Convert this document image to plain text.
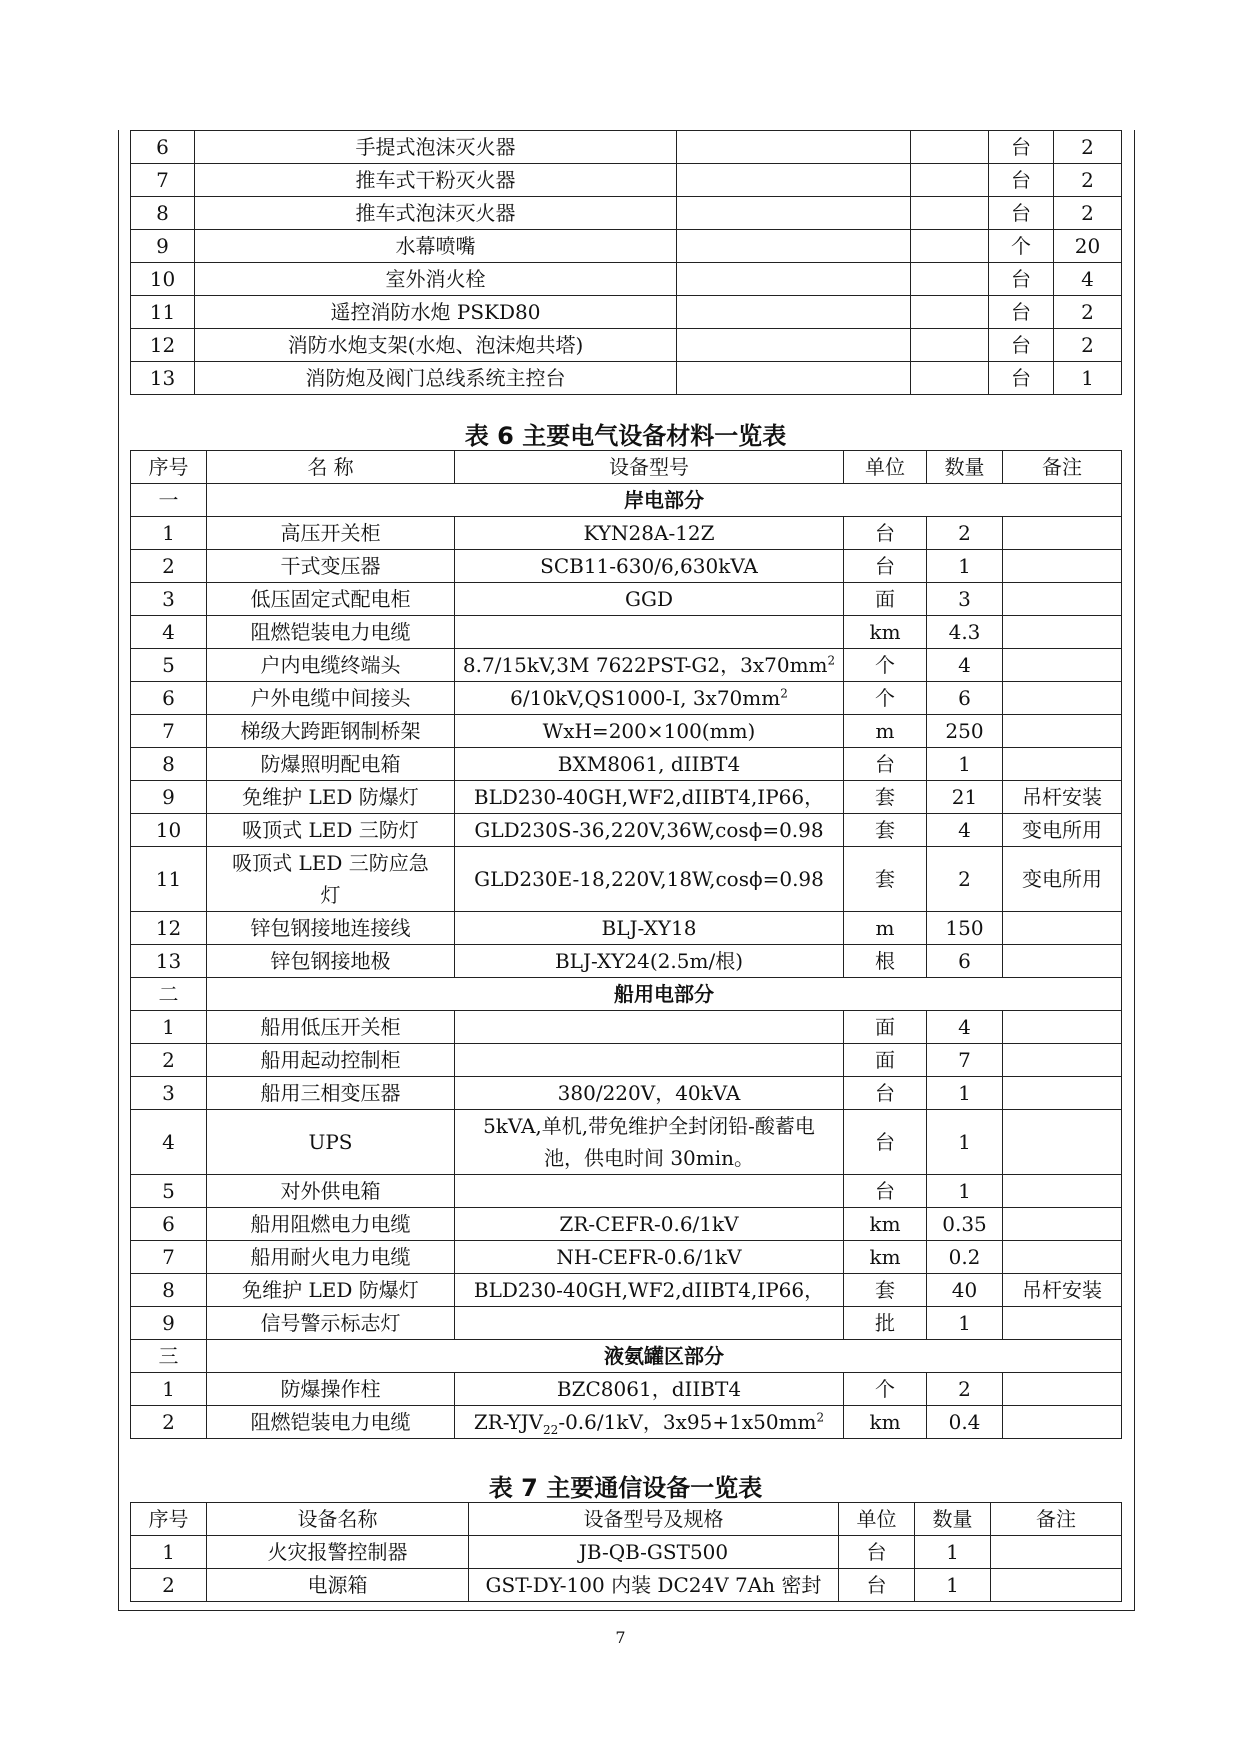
6	手提式泡沫灭火器			台	2
7	推车式干粉灭火器			台	2
8	推车式泡沫灭火器			台	2
9	水幕喷嘴			个	20
10	室外消火栓			台	4
11	遥控消防水炮 PSKD80			台	2
12	消防水炮支架(水炮、泡沫炮共塔)			台	2
13	消防炮及阀门总线系统主控台			台	1
表 6 主要电气设备材料一览表
序号	名 称	设备型号	单位	数量	备注
一	岸电部分				
1	高压开关柜	KYN28A-12Z	台	2	
2	干式变压器	SCB11-630/6,630kVA	台	1	
3	低压固定式配电柜	GGD	面	3	
4	阻燃铠装电力电缆		km	4.3	
5	户内电缆终端头	8.7/15kV,3M 7622PST-G2，$3x70mm^2$	个	4	
6	户外电缆中间接头	6/10kV,QS1000-Ⅰ, $3x70mm^2$	个	6	
7	梯级大跨距钢制桥架	WxH=200×100(mm)	m	250	
8	防爆照明配电箱	BXM8061, dIIBT4	台	1	
9	免维护 LED 防爆灯	BLD230-40GH,WF2,dIIBT4,IP66，	套	21	吊杆安装
10	吸顶式 LED 三防灯	GLD230S-36,220V,36W,cosϕ=0.98	套	4	变电所用
11	吸顶式 LED 三防应急
灯	GLD230E-18,220V,18W,cosϕ=0.98	套	2	变电所用
12	锌包钢接地连接线	BLJ-XY18	m	150	
13	锌包钢接地极	BLJ-XY24(2.5m/根)	根	6	
二	船用电部分				
1	船用低压开关柜		面	4	
2	船用起动控制柜		面	7	
3	船用三相变压器	380/220V，40kVA	台	1	
4	UPS	5kVA,单机,带免维护全封闭铅-酸蓄电
池，供电时间 30min。	台	1	
5	对外供电箱		台	1	
6	船用阻燃电力电缆	ZR-CEFR-0.6/1kV	km	0.35	
7	船用耐火电力电缆	NH-CEFR-0.6/1kV	km	0.2	
8	免维护 LED 防爆灯	BLD230-40GH,WF2,dIIBT4,IP66，	套	40	吊杆安装
9	信号警示标志灯		批	1	
三	液氨罐区部分				
1	防爆操作柱	BZC8061，dIIBT4	个	2	
2	阻燃铠装电力电缆	$ZR-YJV_{22}-0.6/1kV$，$3x95+1x50mm^2$	km	0.4	
表 7 主要通信设备一览表
序号	设备名称	设备型号及规格	单位	数量	备注
1	火灾报警控制器	JB-QB-GST500	台	1	
2	电源箱	GST-DY-100 内装 DC24V 7Ah 密封	台	1	
7
